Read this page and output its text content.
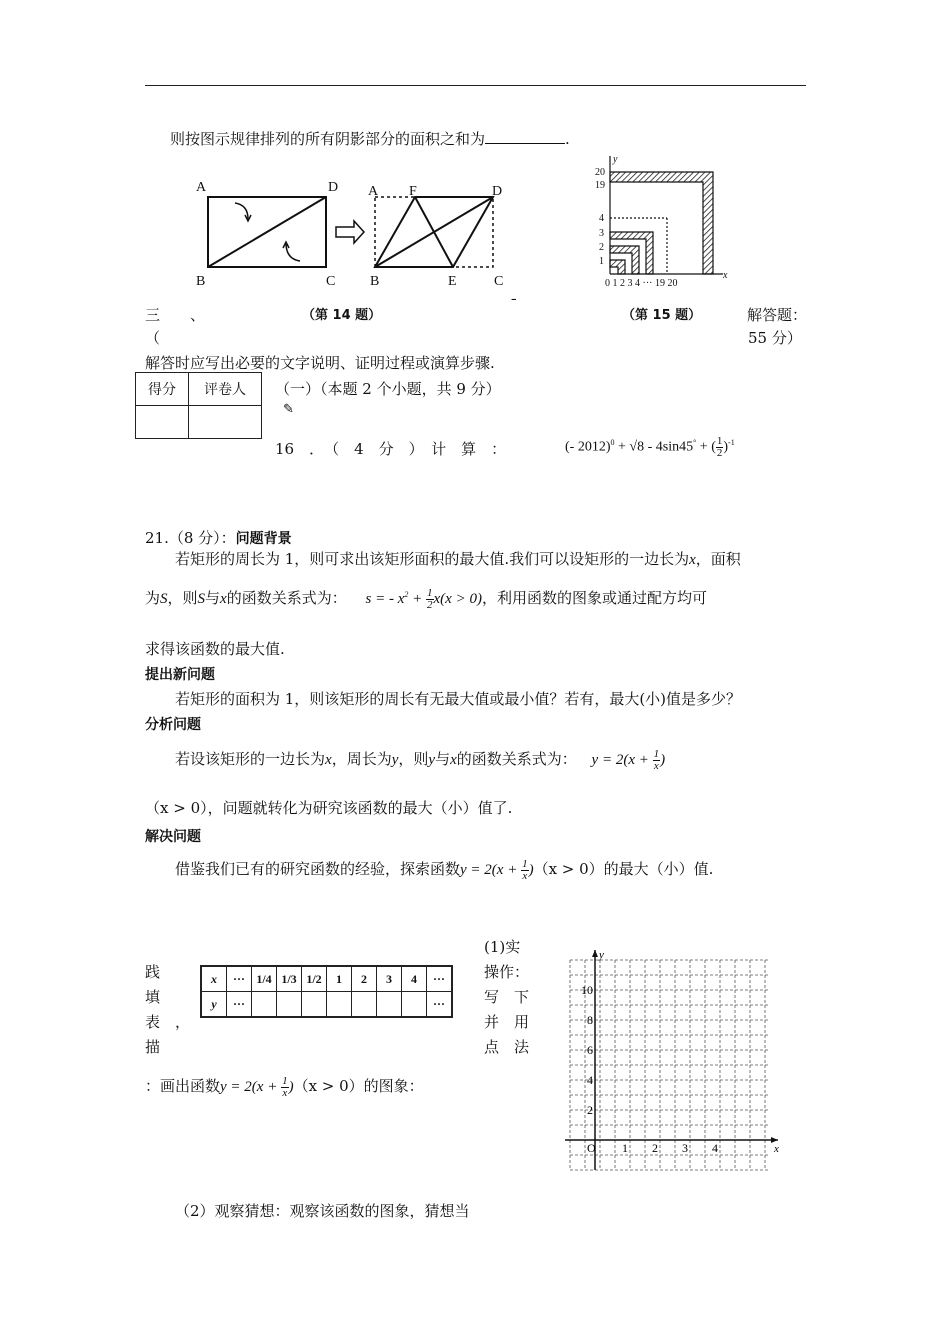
则按图示规律排列的所有阴影部分的面积之和为	.
A	D
B	C
A F	D
B	E	C
y
20
19
4
3
2
1
0 1 2 3 4 ··· 19 20
x
三　　、	（第 14 题）
ˉ
（第 15 题）	解答题：
（	55 分）
解答时应写出必要的文字说明、证明过程或演算步骤.
得分	评卷人
	（一）（本题 2 个小题，共 9 分）
✎
16　．　（　4　分　）　计　算　：	(- 2012)$^0$ + √8 - 4sin45° + ( $\frac{1}{2} )^{-1}$
21.（8 分）：问题背景
若矩形的周长为 1，则可求出该矩形面积的最大值.我们可以设矩形的一边长为x，面积
为S，则S与x的函数关系式为： s = - $x^2 + \frac{1}{2} x(x > 0)$，利用函数的图象或通过配方均可
求得该函数的最大值.
提出新问题
若矩形的面积为 1，则该矩形的周长有无最大值或最小值？若有，最大(小)值是多少？
分析问题
若设该矩形的一边长为x，周长为y，则y与x的函数关系式为： $y = 2(x + \frac{1}{x}$ )
（x > 0），问题就转化为研究该函数的最大（小）值了.
解决问题
借鉴我们已有的研究函数的经验，探索函数$y = 2(x + \frac{1}{x} )(x > 0)$的最大（小）值.
(1)实
操作：
写　下
并　用
点　法
践
填
表　，
描
x	···	1/4	1/3	1/2	1	2	3	4	···
y	···								···
：画出函数$y = 2(x + \frac{1}{x} )(x > 0)$的图象：
y
x
10
8
6
4
2
O 1 2 3 4
（2）观察猜想：观察该函数的图象，猜想当
